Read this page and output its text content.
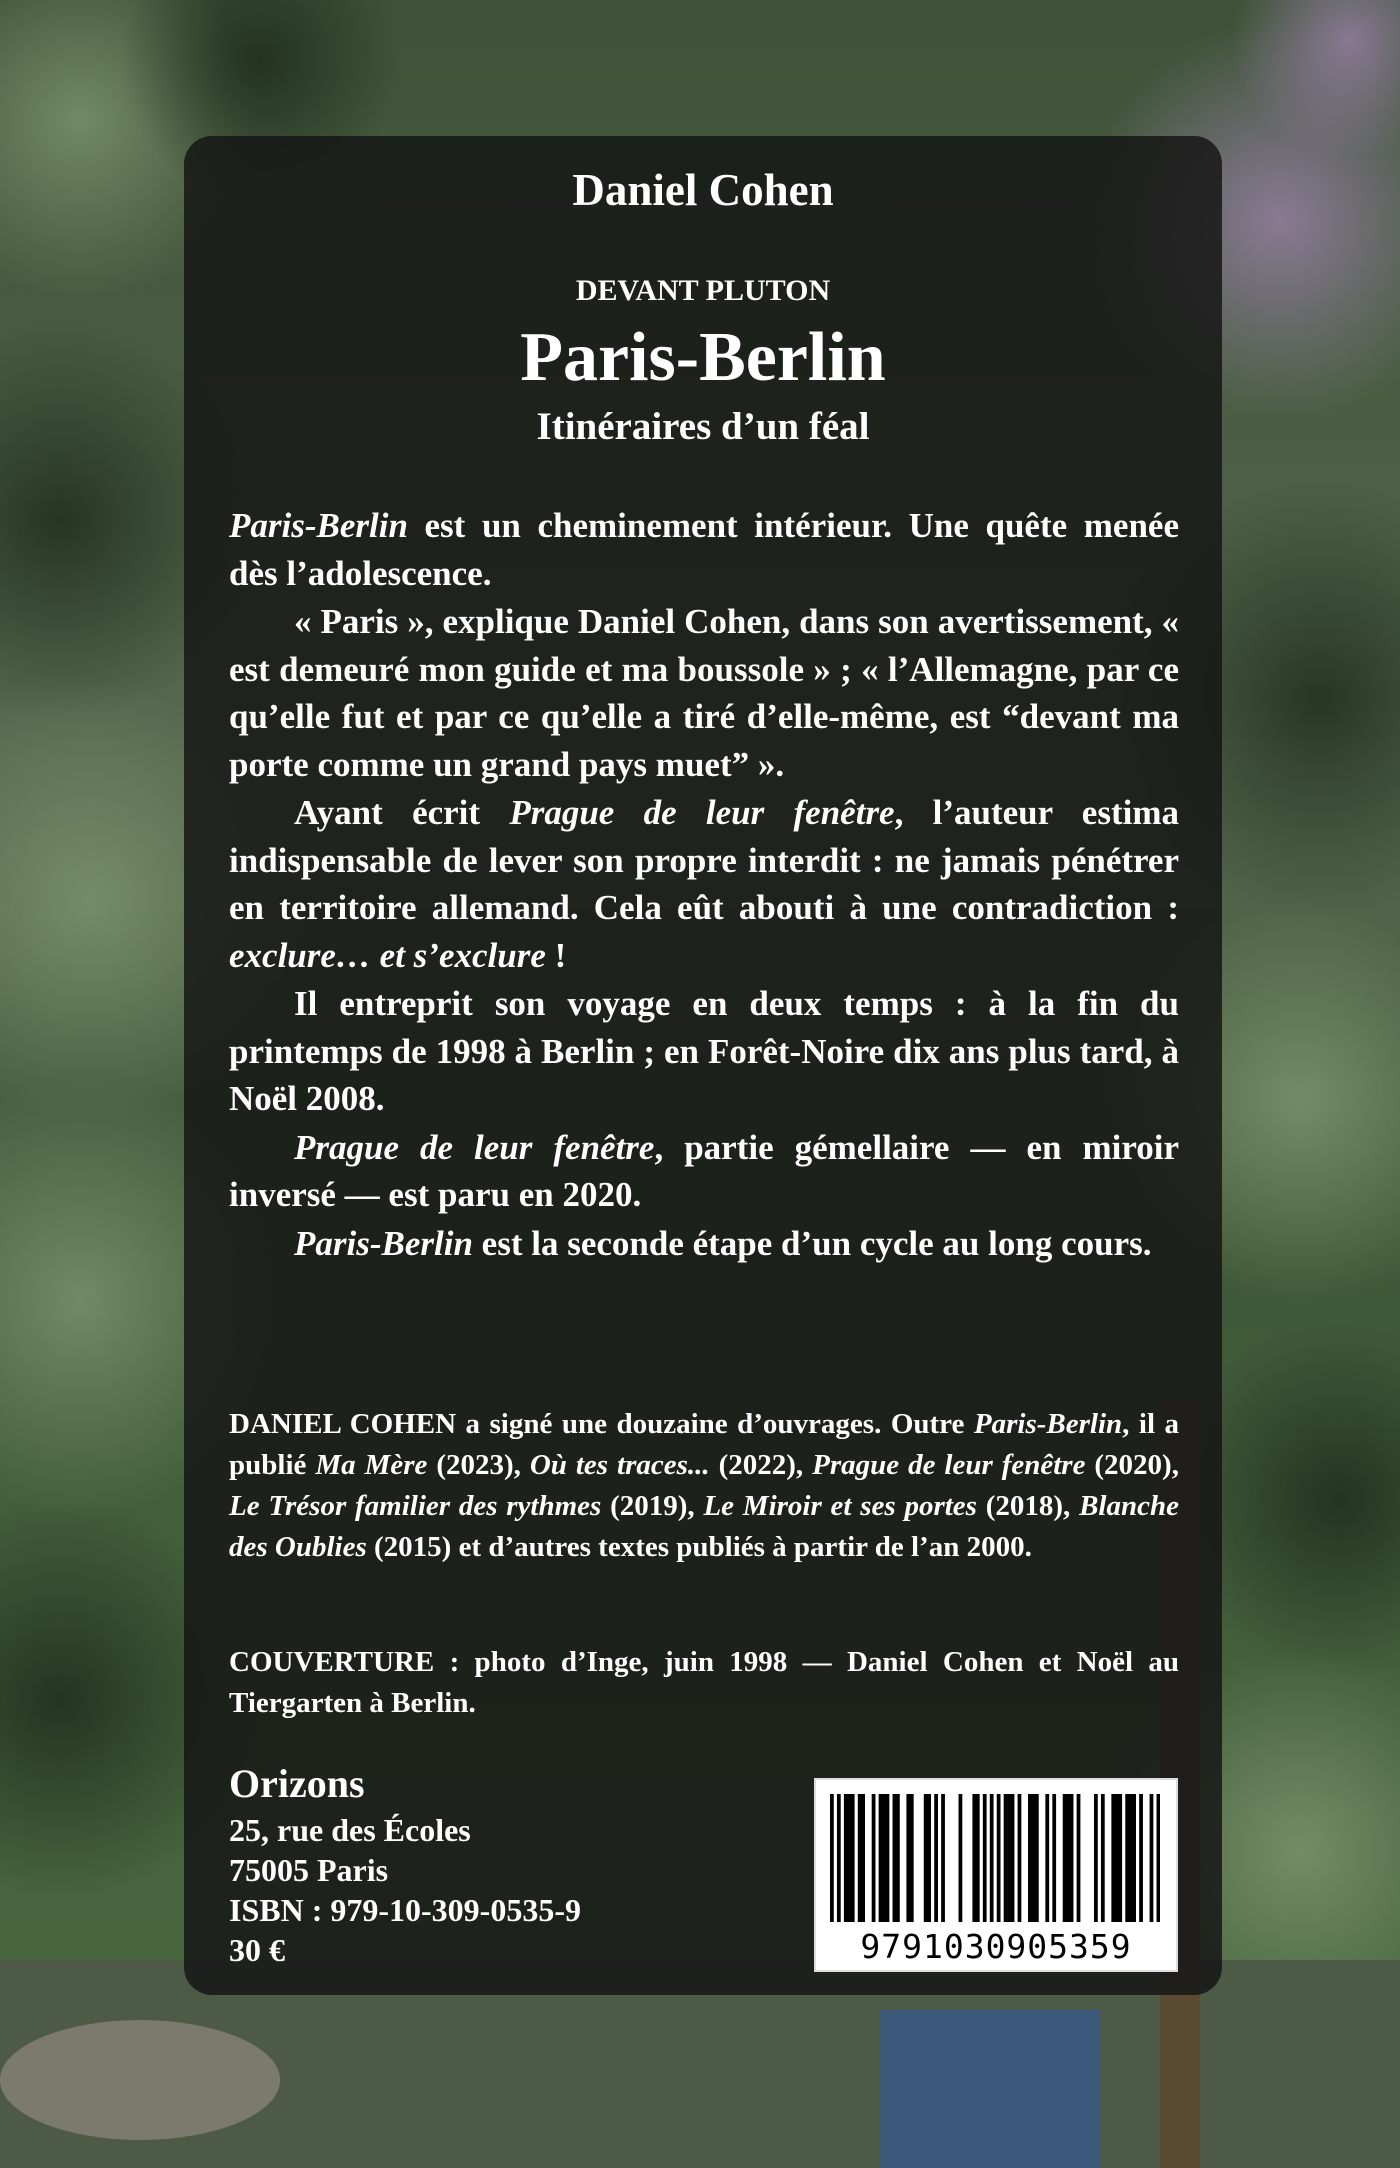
Daniel Cohen
DEVANT PLUTON
Paris-Berlin
Itinéraires d’un féal

Paris-Berlin est un cheminement intérieur. Une quête menée dès l’adolescence.

« Paris », explique Daniel Cohen, dans son avertissement, « est demeuré mon guide et ma boussole » ; « l’Allemagne, par ce qu’elle fut et par ce qu’elle a tiré d’elle-même, est “devant ma porte comme un grand pays muet” ».

Ayant écrit Prague de leur fenêtre, l’auteur estima indispensable de lever son propre interdit : ne jamais pénétrer en territoire allemand. Cela eût abouti à une contradiction : exclure… et s’exclure !

Il entreprit son voyage en deux temps : à la fin du printemps de 1998 à Berlin ; en Forêt-Noire dix ans plus tard, à Noël 2008.

Prague de leur fenêtre, partie gémellaire — en miroir inversé — est paru en 2020.

Paris-Berlin est la seconde étape d’un cycle au long cours.

DANIEL COHEN a signé une douzaine d’ouvrages. Outre Paris-Berlin, il a publié Ma Mère (2023), Où tes traces... (2022), Prague de leur fenêtre (2020), Le Trésor familier des rythmes (2019), Le Miroir et ses portes (2018), Blanche des Oublies (2015) et d’autres textes publiés à partir de l’an 2000.
COUVERTURE : photo d’Inge, juin 1998 — Daniel Cohen et Noël au Tiergarten à Berlin.
Orizons
25, rue des Écoles
75005 Paris
ISBN : 979-10-309-0535-9
30 €	9791030905359
